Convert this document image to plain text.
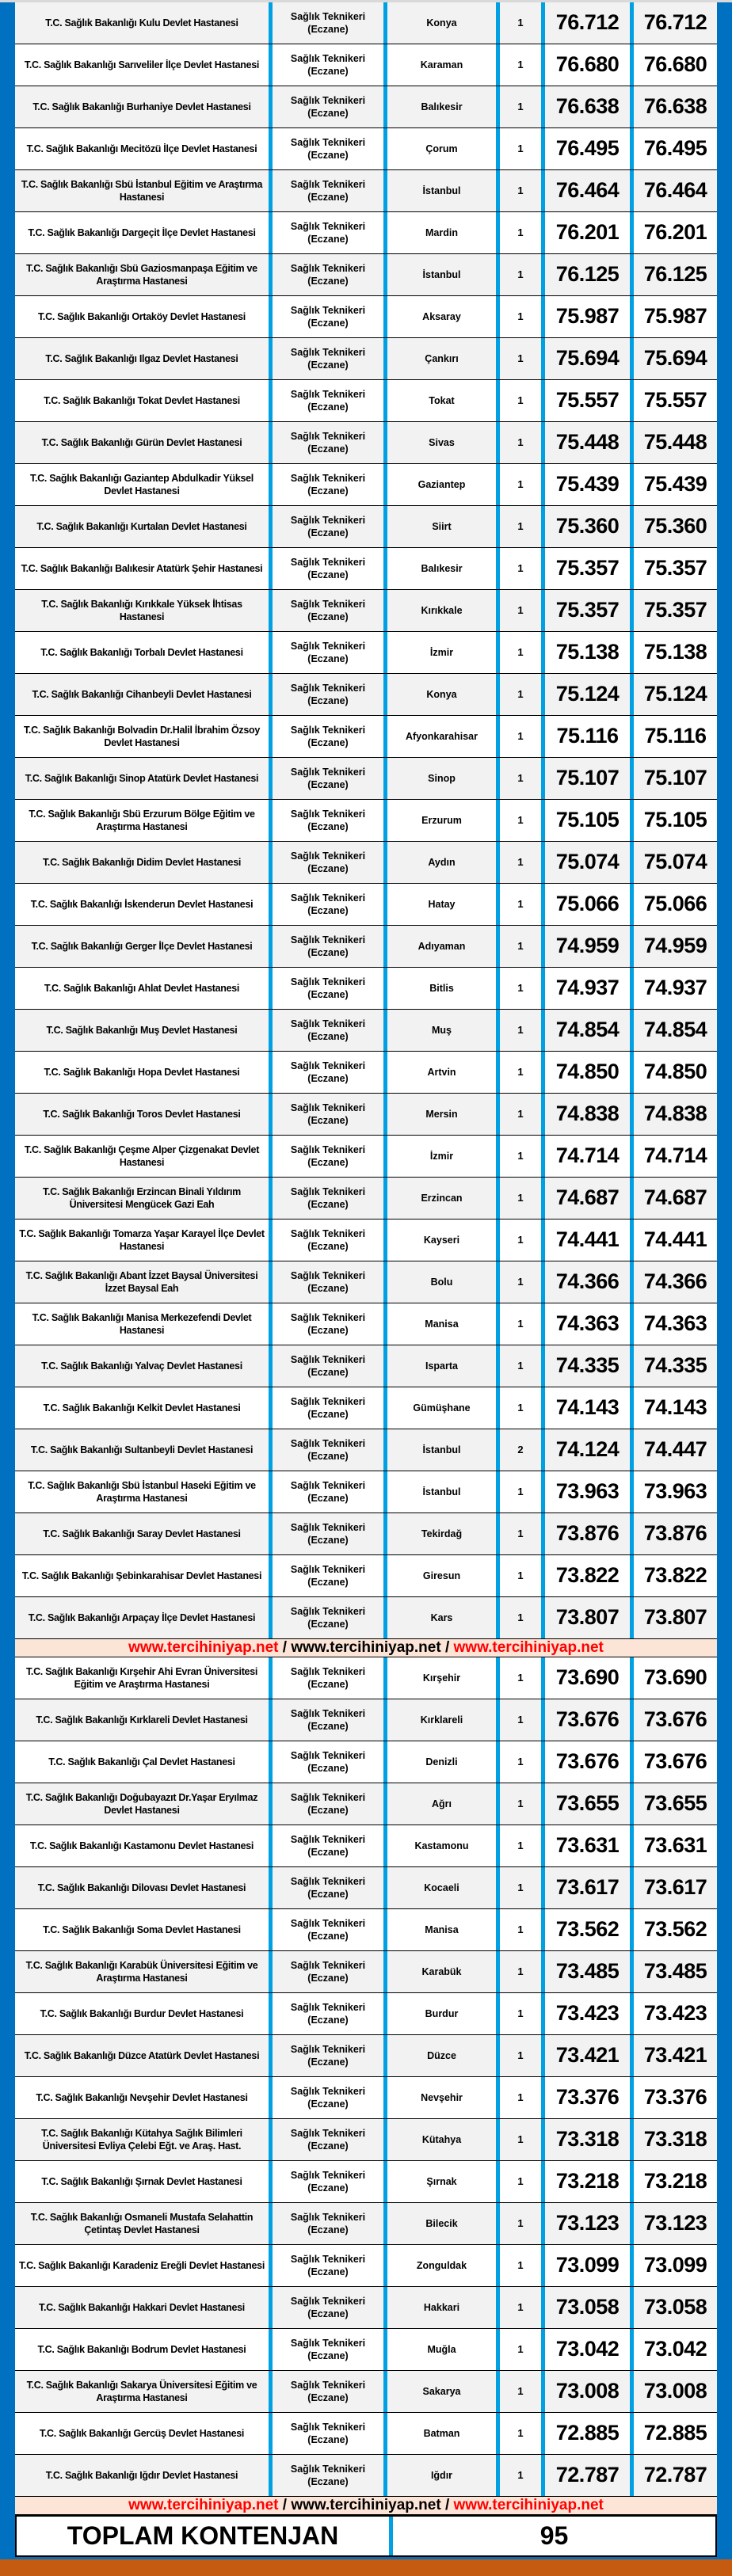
T.C. Sağlık Bakanlığı Kulu Devlet Hastanesi
Sağlık Teknikeri (Eczane)
Konya	1	76.712	76.712
T.C. Sağlık Bakanlığı Sarıveliler İlçe Devlet Hastanesi
Sağlık Teknikeri (Eczane)
Karaman	1	76.680	76.680
T.C. Sağlık Bakanlığı Burhaniye Devlet Hastanesi
Sağlık Teknikeri (Eczane)
Balıkesir	1	76.638	76.638
T.C. Sağlık Bakanlığı Mecitözü İlçe Devlet Hastanesi
Sağlık Teknikeri (Eczane)
Çorum	1	76.495	76.495
T.C. Sağlık Bakanlığı Sbü İstanbul Eğitim ve Araştırma Hastanesi
Sağlık Teknikeri (Eczane)
İstanbul	1	76.464	76.464
T.C. Sağlık Bakanlığı Dargeçit İlçe Devlet Hastanesi
Sağlık Teknikeri (Eczane)
Mardin	1	76.201	76.201
T.C. Sağlık Bakanlığı Sbü Gaziosmanpaşa Eğitim ve Araştırma Hastanesi
Sağlık Teknikeri (Eczane)
İstanbul	1	76.125	76.125
T.C. Sağlık Bakanlığı Ortaköy Devlet Hastanesi
Sağlık Teknikeri (Eczane)
Aksaray	1	75.987	75.987
T.C. Sağlık Bakanlığı Ilgaz Devlet Hastanesi
Sağlık Teknikeri (Eczane)
Çankırı	1	75.694	75.694
T.C. Sağlık Bakanlığı Tokat Devlet Hastanesi
Sağlık Teknikeri (Eczane)
Tokat	1	75.557	75.557
T.C. Sağlık Bakanlığı Gürün Devlet Hastanesi
Sağlık Teknikeri (Eczane)
Sivas	1	75.448	75.448
T.C. Sağlık Bakanlığı Gaziantep Abdulkadir Yüksel Devlet Hastanesi
Sağlık Teknikeri (Eczane)
Gaziantep	1	75.439	75.439
T.C. Sağlık Bakanlığı Kurtalan Devlet Hastanesi
Sağlık Teknikeri (Eczane)
Siirt	1	75.360	75.360
T.C. Sağlık Bakanlığı Balıkesir Atatürk Şehir Hastanesi
Sağlık Teknikeri (Eczane)
Balıkesir	1	75.357	75.357
T.C. Sağlık Bakanlığı Kırıkkale Yüksek İhtisas Hastanesi
Sağlık Teknikeri (Eczane)
Kırıkkale	1	75.357	75.357
T.C. Sağlık Bakanlığı Torbalı Devlet Hastanesi
Sağlık Teknikeri (Eczane)
İzmir	1	75.138	75.138
T.C. Sağlık Bakanlığı Cihanbeyli Devlet Hastanesi
Sağlık Teknikeri (Eczane)
Konya	1	75.124	75.124
T.C. Sağlık Bakanlığı Bolvadin Dr.Halil İbrahim Özsoy Devlet Hastanesi
Sağlık Teknikeri (Eczane)
Afyonkarahisar	1	75.116	75.116
T.C. Sağlık Bakanlığı Sinop Atatürk Devlet Hastanesi
Sağlık Teknikeri (Eczane)
Sinop	1	75.107	75.107
T.C. Sağlık Bakanlığı Sbü Erzurum Bölge Eğitim ve Araştırma Hastanesi
Sağlık Teknikeri (Eczane)
Erzurum	1	75.105	75.105
T.C. Sağlık Bakanlığı Didim Devlet Hastanesi
Sağlık Teknikeri (Eczane)
Aydın	1	75.074	75.074
T.C. Sağlık Bakanlığı İskenderun Devlet Hastanesi
Sağlık Teknikeri (Eczane)
Hatay	1	75.066	75.066
T.C. Sağlık Bakanlığı Gerger İlçe Devlet Hastanesi
Sağlık Teknikeri (Eczane)
Adıyaman	1	74.959	74.959
T.C. Sağlık Bakanlığı Ahlat Devlet Hastanesi
Sağlık Teknikeri (Eczane)
Bitlis	1	74.937	74.937
T.C. Sağlık Bakanlığı Muş Devlet Hastanesi
Sağlık Teknikeri (Eczane)
Muş	1	74.854	74.854
T.C. Sağlık Bakanlığı Hopa Devlet Hastanesi
Sağlık Teknikeri (Eczane)
Artvin	1	74.850	74.850
T.C. Sağlık Bakanlığı Toros Devlet Hastanesi
Sağlık Teknikeri (Eczane)
Mersin	1	74.838	74.838
T.C. Sağlık Bakanlığı Çeşme Alper Çizgenakat Devlet Hastanesi
Sağlık Teknikeri (Eczane)
İzmir	1	74.714	74.714
T.C. Sağlık Bakanlığı Erzincan Binali Yıldırım Üniversitesi Mengücek Gazi Eah
Sağlık Teknikeri (Eczane)
Erzincan	1	74.687	74.687
T.C. Sağlık Bakanlığı Tomarza Yaşar Karayel İlçe Devlet Hastanesi
Sağlık Teknikeri (Eczane)
Kayseri	1	74.441	74.441
T.C. Sağlık Bakanlığı Abant İzzet Baysal Üniversitesi İzzet Baysal Eah
Sağlık Teknikeri (Eczane)
Bolu	1	74.366	74.366
T.C. Sağlık Bakanlığı Manisa Merkezefendi Devlet Hastanesi
Sağlık Teknikeri (Eczane)
Manisa	1	74.363	74.363
T.C. Sağlık Bakanlığı Yalvaç Devlet Hastanesi
Sağlık Teknikeri (Eczane)
Isparta	1	74.335	74.335
T.C. Sağlık Bakanlığı Kelkit Devlet Hastanesi
Sağlık Teknikeri (Eczane)
Gümüşhane	1	74.143	74.143
T.C. Sağlık Bakanlığı Sultanbeyli Devlet Hastanesi
Sağlık Teknikeri (Eczane)
İstanbul	2	74.124	74.447
T.C. Sağlık Bakanlığı Sbü İstanbul Haseki Eğitim ve Araştırma Hastanesi
Sağlık Teknikeri (Eczane)
İstanbul	1	73.963	73.963
T.C. Sağlık Bakanlığı Saray Devlet Hastanesi
Sağlık Teknikeri (Eczane)
Tekirdağ	1	73.876	73.876
T.C. Sağlık Bakanlığı Şebinkarahisar Devlet Hastanesi
Sağlık Teknikeri (Eczane)
Giresun	1	73.822	73.822
T.C. Sağlık Bakanlığı Arpaçay İlçe Devlet Hastanesi
Sağlık Teknikeri (Eczane)
Kars	1	73.807	73.807
www.tercihiniyap.net / www.tercihiniyap.net / www.tercihiniyap.net
T.C. Sağlık Bakanlığı Kırşehir Ahi Evran Üniversitesi Eğitim ve Araştırma Hastanesi
Sağlık Teknikeri (Eczane)
Kırşehir	1	73.690	73.690
T.C. Sağlık Bakanlığı Kırklareli Devlet Hastanesi
Sağlık Teknikeri (Eczane)
Kırklareli	1	73.676	73.676
T.C. Sağlık Bakanlığı Çal Devlet Hastanesi
Sağlık Teknikeri (Eczane)
Denizli	1	73.676	73.676
T.C. Sağlık Bakanlığı Doğubayazıt Dr.Yaşar Eryılmaz Devlet Hastanesi
Sağlık Teknikeri (Eczane)
Ağrı	1	73.655	73.655
T.C. Sağlık Bakanlığı Kastamonu Devlet Hastanesi
Sağlık Teknikeri (Eczane)
Kastamonu	1	73.631	73.631
T.C. Sağlık Bakanlığı Dilovası Devlet Hastanesi
Sağlık Teknikeri (Eczane)
Kocaeli	1	73.617	73.617
T.C. Sağlık Bakanlığı Soma Devlet Hastanesi
Sağlık Teknikeri (Eczane)
Manisa	1	73.562	73.562
T.C. Sağlık Bakanlığı Karabük Üniversitesi Eğitim ve Araştırma Hastanesi
Sağlık Teknikeri (Eczane)
Karabük	1	73.485	73.485
T.C. Sağlık Bakanlığı Burdur Devlet Hastanesi
Sağlık Teknikeri (Eczane)
Burdur	1	73.423	73.423
T.C. Sağlık Bakanlığı Düzce Atatürk Devlet Hastanesi
Sağlık Teknikeri (Eczane)
Düzce	1	73.421	73.421
T.C. Sağlık Bakanlığı Nevşehir Devlet Hastanesi
Sağlık Teknikeri (Eczane)
Nevşehir	1	73.376	73.376
T.C. Sağlık Bakanlığı Kütahya Sağlık Bilimleri Üniversitesi Evliya Çelebi Eğt. ve Araş. Hast.
Sağlık Teknikeri (Eczane)
Kütahya	1	73.318	73.318
T.C. Sağlık Bakanlığı Şırnak Devlet Hastanesi
Sağlık Teknikeri (Eczane)
Şırnak	1	73.218	73.218
T.C. Sağlık Bakanlığı Osmaneli Mustafa Selahattin Çetintaş Devlet Hastanesi
Sağlık Teknikeri (Eczane)
Bilecik	1	73.123	73.123
T.C. Sağlık Bakanlığı Karadeniz Ereğli Devlet Hastanesi
Sağlık Teknikeri (Eczane)
Zonguldak	1	73.099	73.099
T.C. Sağlık Bakanlığı Hakkari Devlet Hastanesi
Sağlık Teknikeri (Eczane)
Hakkari	1	73.058	73.058
T.C. Sağlık Bakanlığı Bodrum Devlet Hastanesi
Sağlık Teknikeri (Eczane)
Muğla	1	73.042	73.042
T.C. Sağlık Bakanlığı Sakarya Üniversitesi Eğitim ve Araştırma Hastanesi
Sağlık Teknikeri (Eczane)
Sakarya	1	73.008	73.008
T.C. Sağlık Bakanlığı Gercüş Devlet Hastanesi
Sağlık Teknikeri (Eczane)
Batman	1	72.885	72.885
T.C. Sağlık Bakanlığı Iğdır Devlet Hastanesi
Sağlık Teknikeri (Eczane)
Iğdır	1	72.787	72.787
www.tercihiniyap.net / www.tercihiniyap.net / www.tercihiniyap.net
TOPLAM KONTENJAN	95
